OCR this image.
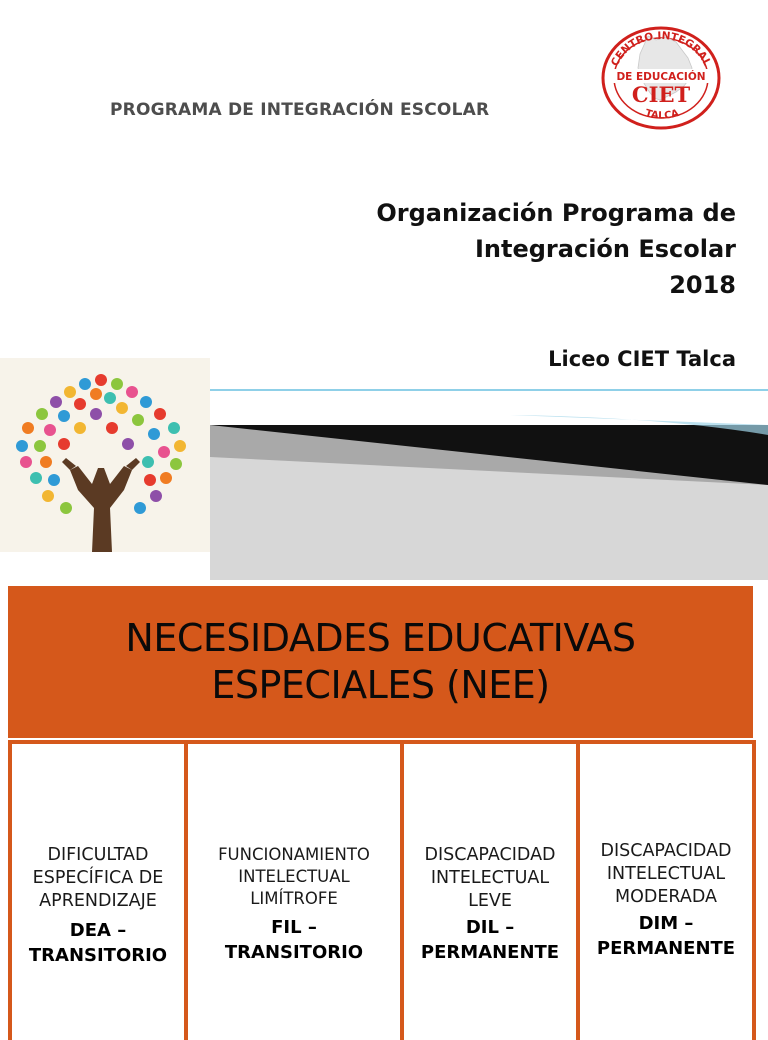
PROGRAMA DE INTEGRACIÓN ESCOLAR
CENTRO INTEGRAL
DE EDUCACIÓN
CIET
TALCA
Organización Programa de
Integración Escolar
2018
Liceo CIET Talca
NECESIDADES EDUCATIVAS
ESPECIALES (NEE)
DIFICULTAD
ESPECÍFICA DE
APRENDIZAJE
DEA –
TRANSITORIO
FUNCIONAMIENTO
INTELECTUAL
LIMÍTROFE
FIL –
TRANSITORIO
DISCAPACIDAD
INTELECTUAL
LEVE
DIL –
PERMANENTE
DISCAPACIDAD
INTELECTUAL
MODERADA
DIM –
PERMANENTE
